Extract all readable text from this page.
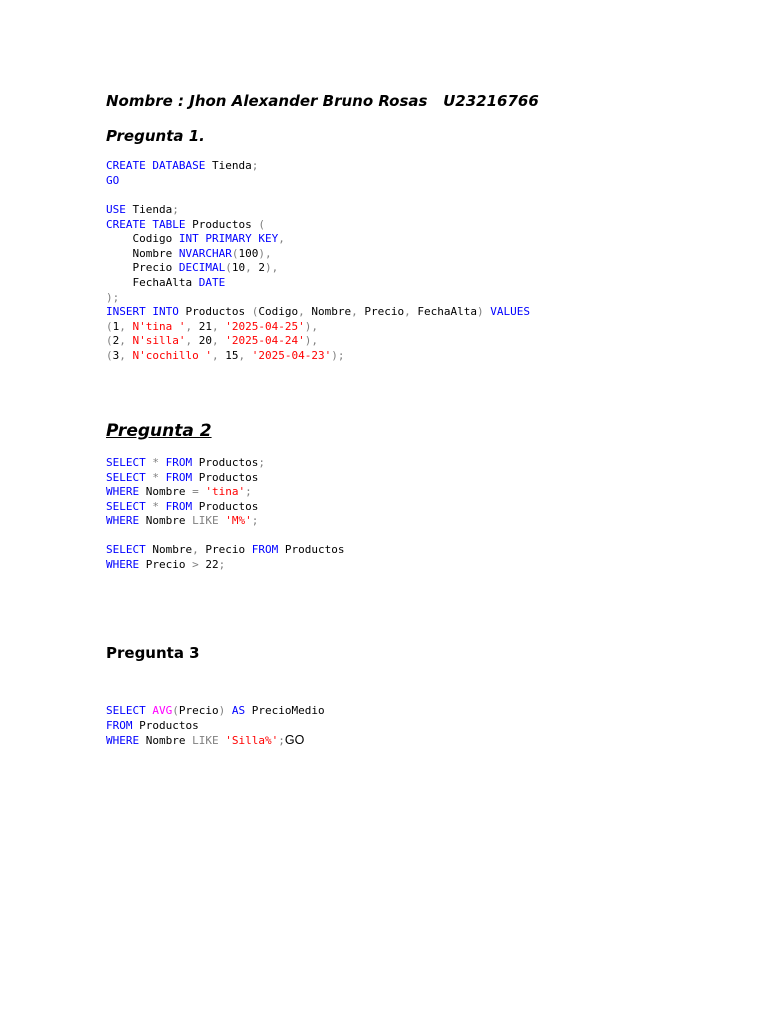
Nombre : Jhon Alexander Bruno Rosas   U23216766
Pregunta 1.
CREATE DATABASE Tienda;
GO
USE Tienda;
CREATE TABLE Productos (
Codigo INT PRIMARY KEY,
Nombre NVARCHAR(100),
Precio DECIMAL(10, 2),
FechaAlta DATE
);
INSERT INTO Productos (Codigo, Nombre, Precio, FechaAlta) VALUES
(1, N'tina ', 21, '2025-04-25'),
(2, N'silla', 20, '2025-04-24'),
(3, N'cochillo ', 15, '2025-04-23');
Pregunta 2
SELECT * FROM Productos;
SELECT * FROM Productos
WHERE Nombre = 'tina';
SELECT * FROM Productos
WHERE Nombre LIKE 'M%';
SELECT Nombre, Precio FROM Productos
WHERE Precio > 22;
Pregunta 3
SELECT AVG(Precio) AS PrecioMedio
FROM Productos
WHERE Nombre LIKE 'Silla%';GO
